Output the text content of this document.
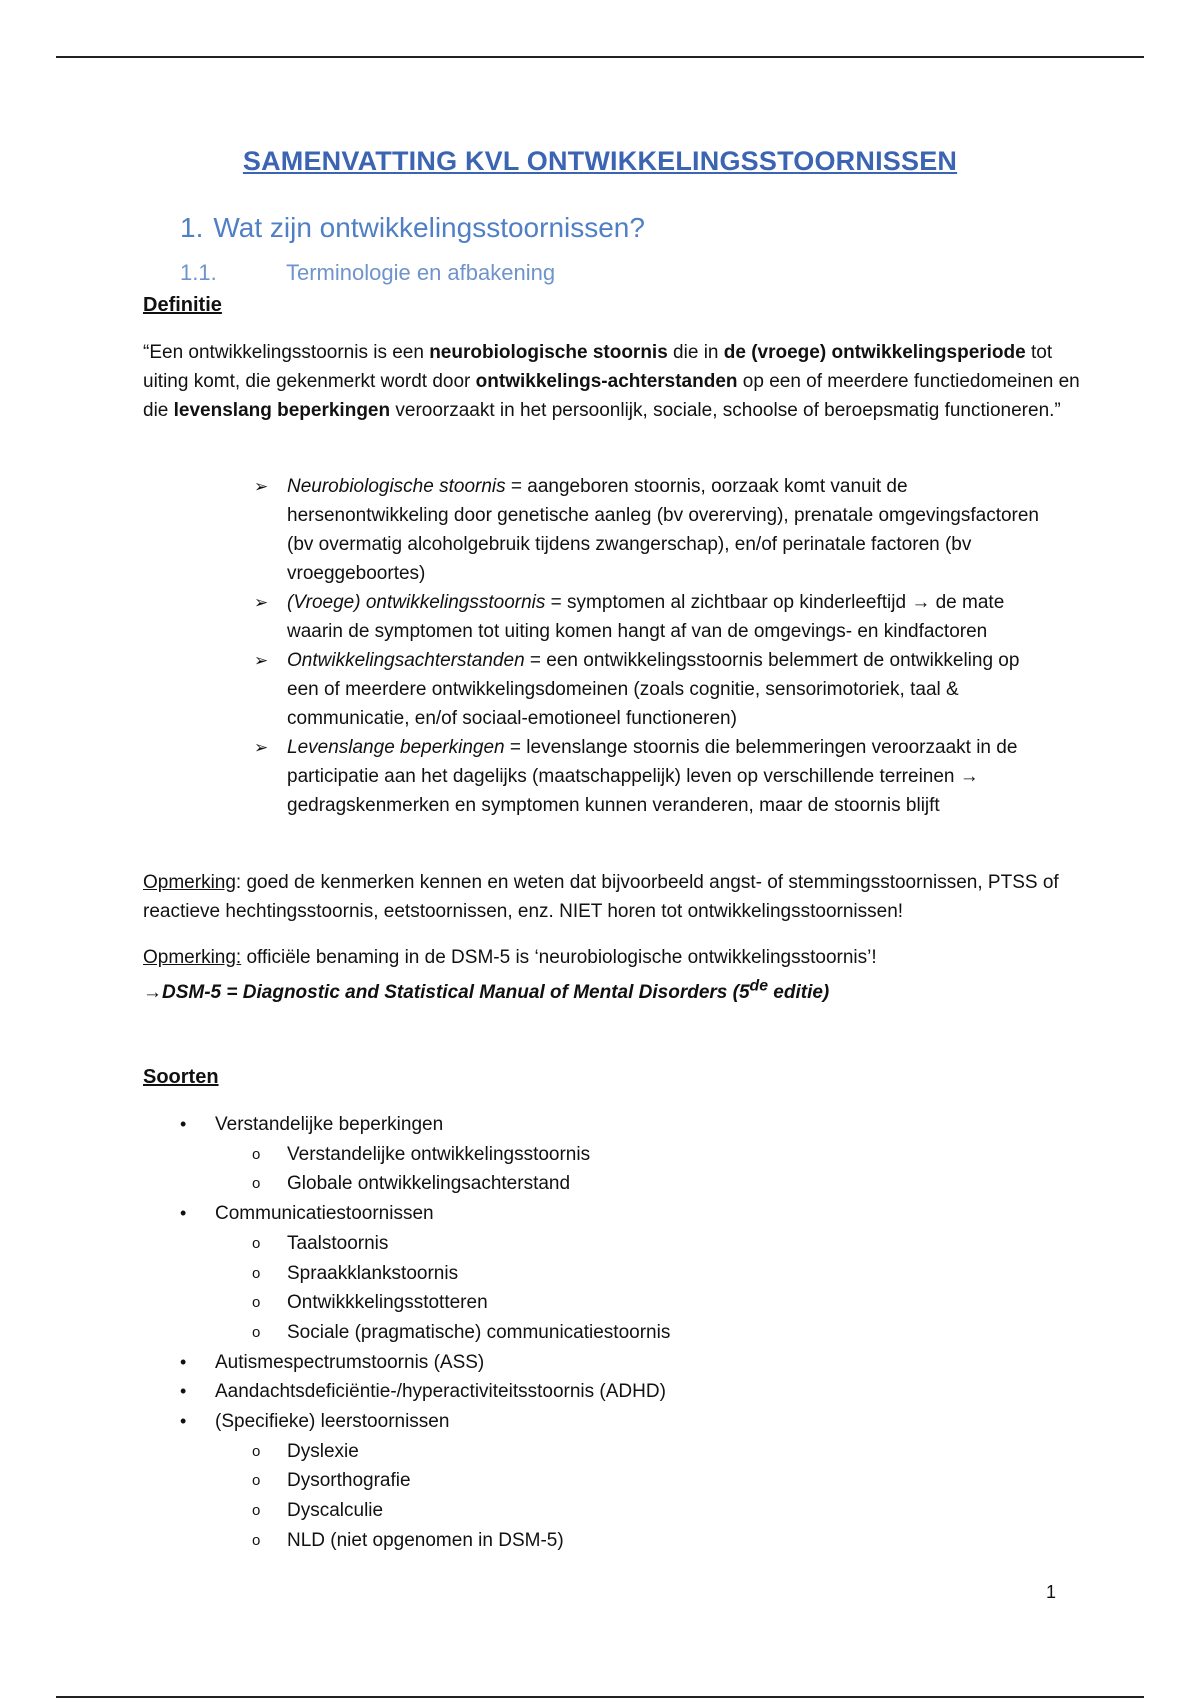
SAMENVATTING KVL ONTWIKKELINGSSTOORNISSEN
1. Wat zijn ontwikkelingsstoornissen?
1.1.	Terminologie en afbakening
Definitie
“Een ontwikkelingsstoornis is een neurobiologische stoornis die in de (vroege) ontwikkelingsperiode tot uiting komt, die gekenmerkt wordt door ontwikkelings-achterstanden op een of meerdere functiedomeinen en die levenslang beperkingen veroorzaakt in het persoonlijk, sociale, schoolse of beroepsmatig functioneren.”
➢ Neurobiologische stoornis = aangeboren stoornis, oorzaak komt vanuit de hersenontwikkeling door genetische aanleg (bv overerving), prenatale omgevingsfactoren (bv overmatig alcoholgebruik tijdens zwangerschap), en/of perinatale factoren (bv vroeggeboortes)
➢ (Vroege) ontwikkelingsstoornis = symptomen al zichtbaar op kinderleeftijd → de mate waarin de symptomen tot uiting komen hangt af van de omgevings- en kindfactoren
➢ Ontwikkelingsachterstanden = een ontwikkelingsstoornis belemmert de ontwikkeling op een of meerdere ontwikkelingsdomeinen (zoals cognitie, sensorimotoriek, taal & communicatie, en/of sociaal-emotioneel functioneren)
➢ Levenslange beperkingen = levenslange stoornis die belemmeringen veroorzaakt in de participatie aan het dagelijks (maatschappelijk) leven op verschillende terreinen → gedragskenmerken en symptomen kunnen veranderen, maar de stoornis blijft
Opmerking: goed de kenmerken kennen en weten dat bijvoorbeeld angst- of stemmingsstoornissen, PTSS of reactieve hechtingsstoornis, eetstoornissen, enz. NIET horen tot ontwikkelingsstoornissen!
Opmerking: officiële benaming in de DSM-5 is ‘neurobiologische ontwikkelingsstoornis’!
→DSM-5 = Diagnostic and Statistical Manual of Mental Disorders (5de editie)
Soorten
• Verstandelijke beperkingen
o Verstandelijke ontwikkelingsstoornis
o Globale ontwikkelingsachterstand
• Communicatiestoornissen
o Taalstoornis
o Spraakklankstoornis
o Ontwikkkelingsstotteren
o Sociale (pragmatische) communicatiestoornis
• Autismespectrumstoornis (ASS)
• Aandachtsdeficiëntie-/hyperactiviteitsstoornis (ADHD)
• (Specifieke) leerstoornissen
o Dyslexie
o Dysorthografie
o Dyscalculie
o NLD (niet opgenomen in DSM-5)
1
